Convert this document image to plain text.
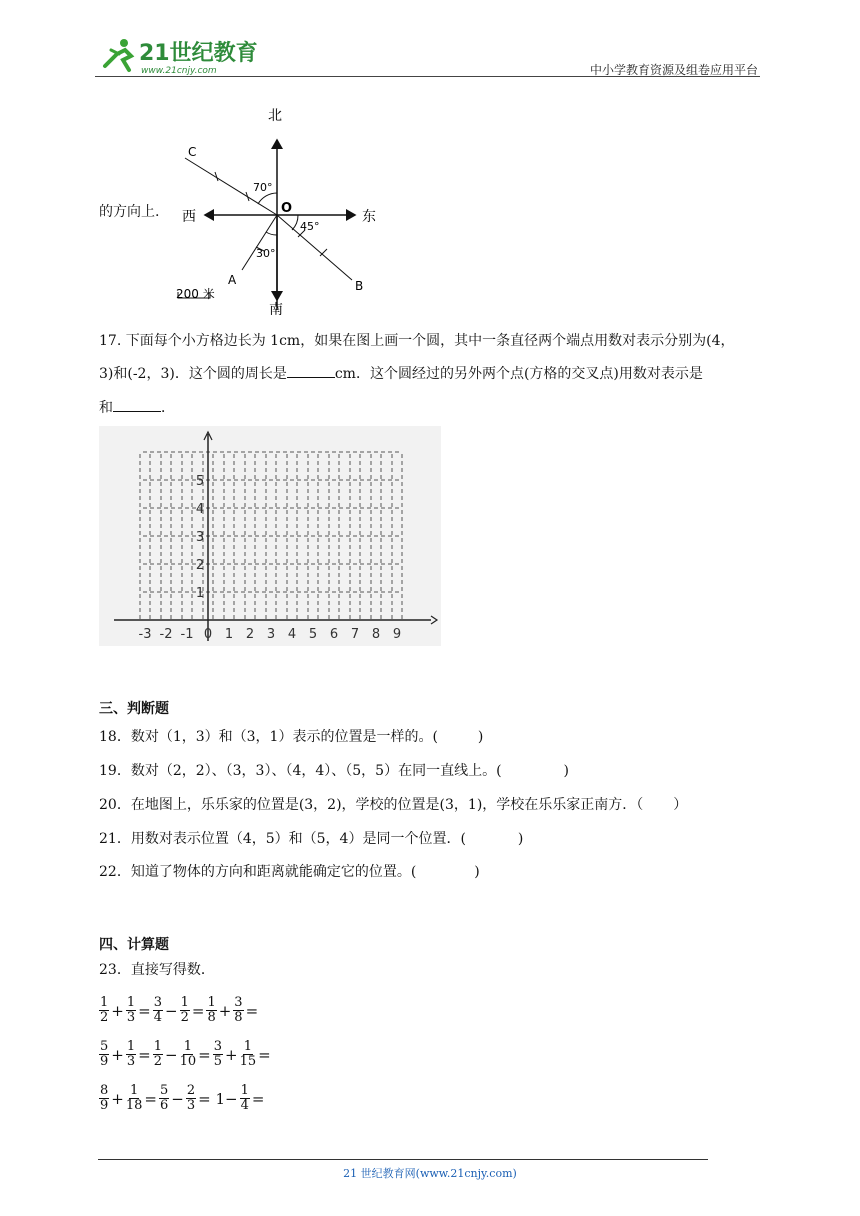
21世纪教育
www.21cnjy.com	中小学教育资源及组卷应用平台
的方向上.
北
南
东
西
O
C
A	B
70°
45°
30°
200 米
17. 下面每个小方格边长为 1cm，如果在图上画一个圆，其中一条直径两个端点用数对表示分别为(4，
3)和(-2，3)．这个圆的周长是	cm．这个圆经过的另外两个点(方格的交叉点)用数对表示是
和	．
-3 -2 -1 0 1 2 3 4 5 6 7 8 9
1
2
3
4
5
三、判断题
18．数对（1，3）和（3，1）表示的位置是一样的。(	)
19．数对（2，2）、（3，3）、（4，4）、（5，5）在同一直线上。(	)
20．在地图上，乐乐家的位置是(3，2)，学校的位置是(3，1)，学校在乐乐家正南方．（ ）
21．用数对表示位置（4，5）和（5，4）是同一个位置．(	)
22．知道了物体的方向和距离就能确定它的位置。(	)
四、计算题
23．直接写得数．
$\frac{1}{2} + \frac{1}{3} = \frac{3}{4} - \frac{1}{2} = \frac{1}{8} + \frac{3}{8}$ =
$\frac{5}{9} + \frac{1}{3} = \frac{1}{2} - \frac{1}{10} = \frac{3}{5} + \frac{1}{15}$ =
$\frac{8}{9} + \frac{1}{18} = \frac{5}{6} - \frac{2}{3} = 1- \frac{1}{4}$ =
21 世纪教育网(www.21cnjy.com)
